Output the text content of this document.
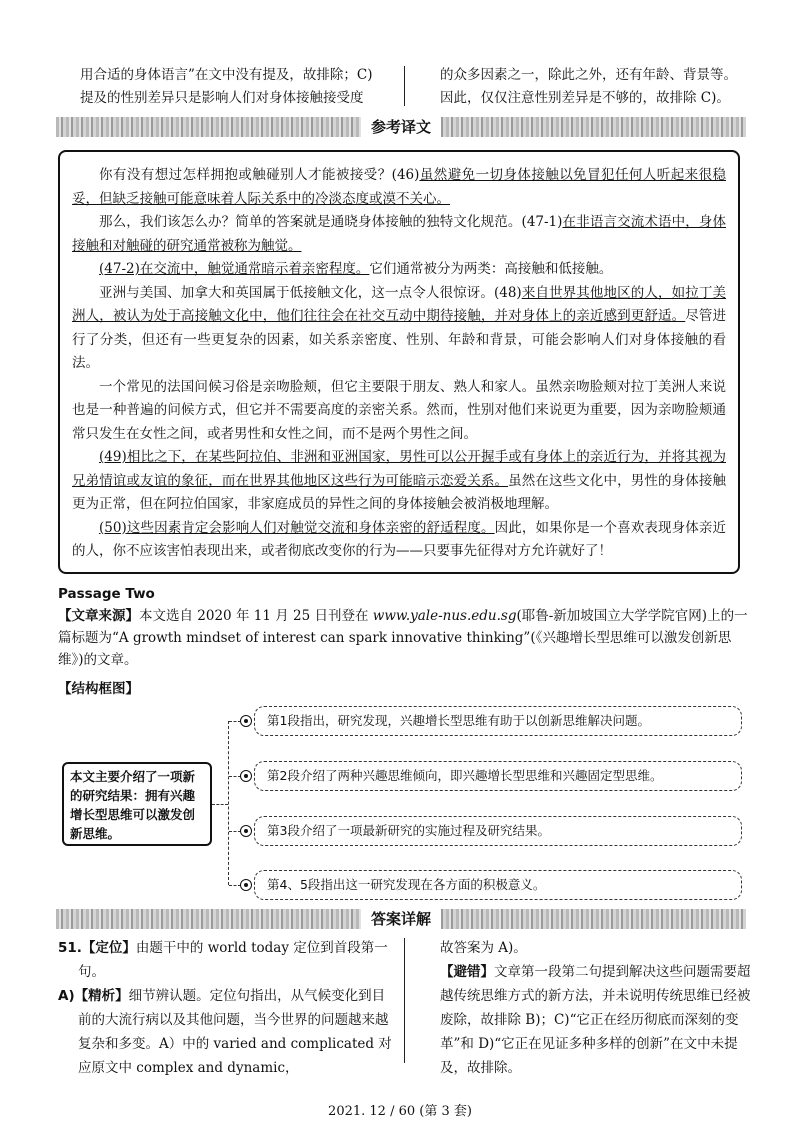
用合适的身体语言”在文中没有提及，故排除；C)
提及的性别差异只是影响人们对身体接触接受度
的众多因素之一，除此之外，还有年龄、背景等。
因此，仅仅注意性别差异是不够的，故排除 C)。
参考译文

你有没有想过怎样拥抱或触碰别人才能被接受？(46)虽然避免一切身体接触以免冒犯任何人听起来很稳妥，但缺乏接触可能意味着人际关系中的冷淡态度或漠不关心。

那么，我们该怎么办？简单的答案就是通晓身体接触的独特文化规范。(47-1)在非语言交流术语中，身体接触和对触碰的研究通常被称为触觉。

(47-2)在交流中，触觉通常暗示着亲密程度。它们通常被分为两类：高接触和低接触。

亚洲与美国、加拿大和英国属于低接触文化，这一点令人很惊讶。(48)来自世界其他地区的人，如拉丁美洲人，被认为处于高接触文化中，他们往往会在社交互动中期待接触，并对身体上的亲近感到更舒适。尽管进行了分类，但还有一些更复杂的因素，如关系亲密度、性别、年龄和背景，可能会影响人们对身体接触的看法。

一个常见的法国问候习俗是亲吻脸颊，但它主要限于朋友、熟人和家人。虽然亲吻脸颊对拉丁美洲人来说也是一种普遍的问候方式，但它并不需要高度的亲密关系。然而，性别对他们来说更为重要，因为亲吻脸颊通常只发生在女性之间，或者男性和女性之间，而不是两个男性之间。

(49)相比之下，在某些阿拉伯、非洲和亚洲国家，男性可以公开握手或有身体上的亲近行为，并将其视为兄弟情谊或友谊的象征，而在世界其他地区这些行为可能暗示恋爱关系。虽然在这些文化中，男性的身体接触更为正常，但在阿拉伯国家，非家庭成员的异性之间的身体接触会被消极地理解。

(50)这些因素肯定会影响人们对触觉交流和身体亲密的舒适程度。因此，如果你是一个喜欢表现身体亲近的人，你不应该害怕表现出来，或者彻底改变你的行为——只要事先征得对方允许就好了！

Passage Two
【文章来源】本文选自 2020 年 11 月 25 日刊登在 www.yale-nus.edu.sg(耶鲁-新加坡国立大学学院官网)上的一篇标题为“A growth mindset of interest can spark innovative thinking”(《兴趣增长型思维可以激发创新思维》)的文章。
【结构框图】
本文主要介绍了一项新的研究结果：拥有兴趣增长型思维可以激发创新思维。
第1段指出，研究发现，兴趣增长型思维有助于以创新思维解决问题。
第2段介绍了两种兴趣思维倾向，即兴趣增长型思维和兴趣固定型思维。
第3段介绍了一项最新研究的实施过程及研究结果。
第4、5段指出这一研究发现在各方面的积极意义。
答案详解
51.【定位】由题干中的 world today 定位到首段第一句。
A)【精析】细节辨认题。定位句指出，从气候变化到目前的大流行病以及其他问题，当今世界的问题越来越复杂和多变。A）中的 varied and complicated 对应原文中 complex and dynamic，
故答案为 A)。
【避错】文章第一段第二句提到解决这些问题需要超越传统思维方式的新方法，并未说明传统思维已经被废除，故排除 B)；C)“它正在经历彻底而深刻的变革”和 D)“它正在见证多种多样的创新”在文中未提及，故排除。
2021. 12 / 60 (第 3 套)
